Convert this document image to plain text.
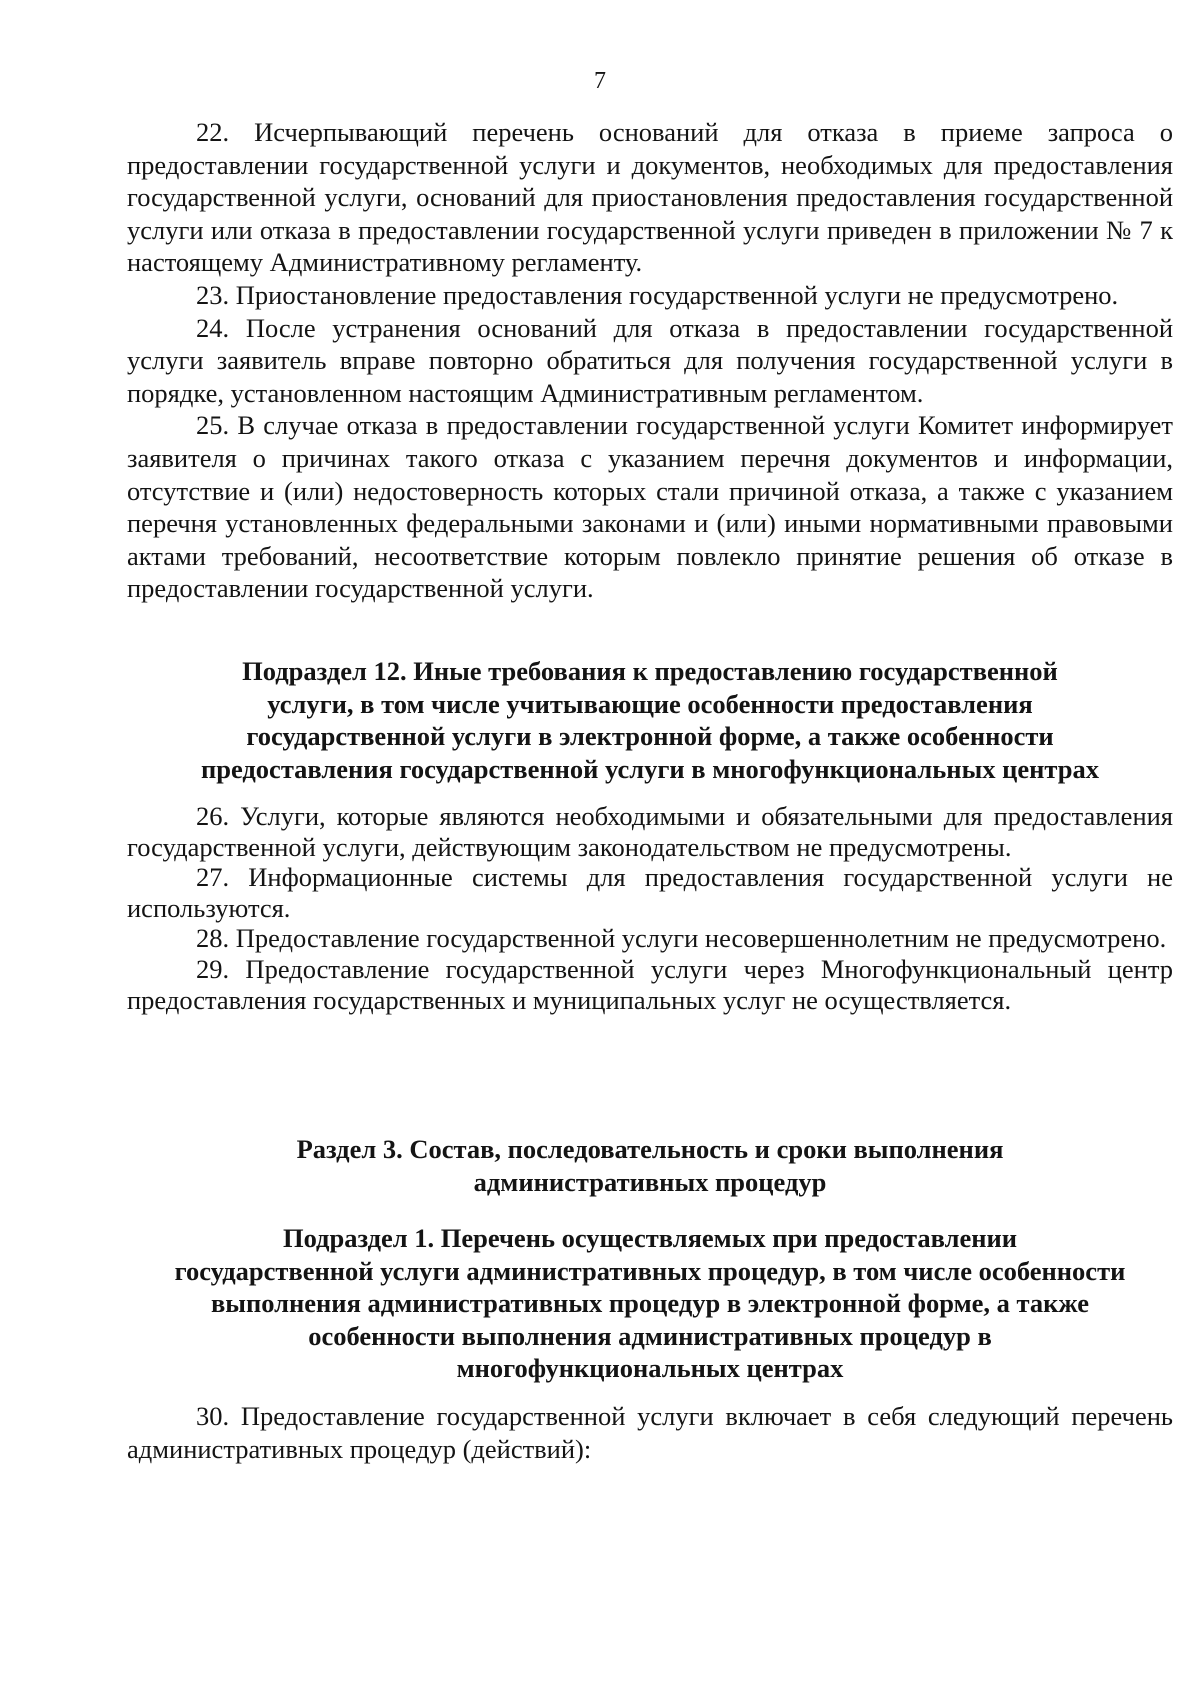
7

22. Исчерпывающий перечень оснований для отказа в приеме запроса о предоставлении государственной услуги и документов, необходимых для предоставления государственной услуги, оснований для приостановления предоставления государственной услуги или отказа в предоставлении государственной услуги приведен в приложении № 7 к настоящему Административному регламенту.

23. Приостановление предоставления государственной услуги не предусмотрено.

24. После устранения оснований для отказа в предоставлении государственной услуги заявитель вправе повторно обратиться для получения государственной услуги в порядке, установленном настоящим Административным регламентом.

25. В случае отказа в предоставлении государственной услуги Комитет информирует заявителя о причинах такого отказа с указанием перечня документов и информации, отсутствие и (или) недостоверность которых стали причиной отказа, а также с указанием перечня установленных федеральными законами и (или) иными нормативными правовыми актами требований, несоответствие которым повлекло принятие решения об отказе в предоставлении государственной услуги.

Подраздел 12. Иные требования к предоставлению государственной
услуги, в том числе учитывающие особенности предоставления
государственной услуги в электронной форме, а также особенности
предоставления государственной услуги в многофункциональных центрах

26. Услуги, которые являются необходимыми и обязательными для предоставления государственной услуги, действующим законодательством не предусмотрены.

27. Информационные системы для предоставления государственной услуги не используются.

28. Предоставление государственной услуги несовершеннолетним не предусмотрено.

29. Предоставление государственной услуги через Многофункциональный центр предоставления государственных и муниципальных услуг не осуществляется.

Раздел 3. Состав, последовательность и сроки выполнения
административных процедур

Подраздел 1. Перечень осуществляемых при предоставлении
государственной услуги административных процедур, в том числе особенности
выполнения административных процедур в электронной форме, а также
особенности выполнения административных процедур в
многофункциональных центрах

30. Предоставление государственной услуги включает в себя следующий перечень административных процедур (действий):
